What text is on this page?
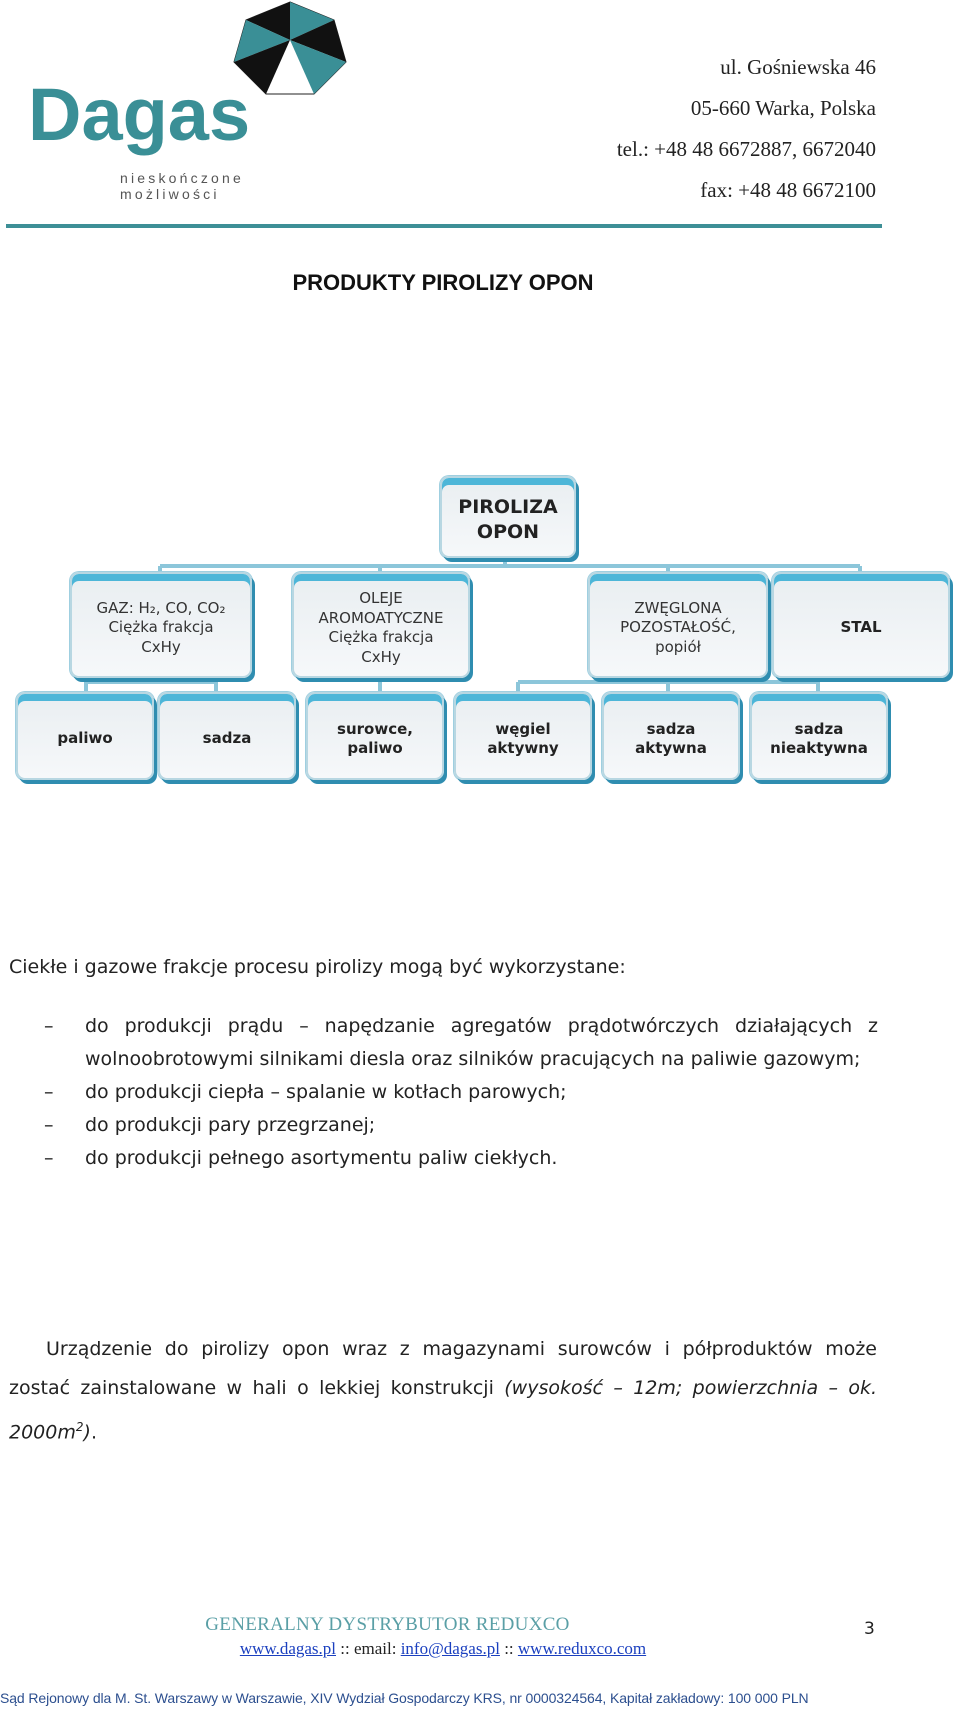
Dagas
nieskończone możliwości
ul. Gośniewska 46
05-660 Warka, Polska
tel.: +48 48 6672887, 6672040
fax: +48 48 6672100
PRODUKTY PIROLIZY OPON
PIROLIZA OPON
GAZ: H₂, CO, CO₂
Ciężka frakcja
CxHy
OLEJE
AROMOATYCZNE
Ciężka frakcja
CxHy
ZWĘGLONA
POZOSTAŁOŚĆ,
popiół
STAL
paliwo	sadza
surowce,
paliwo
węgiel
aktywny
sadza
aktywna
sadza
nieaktywna
Ciekłe i gazowe frakcje procesu pirolizy mogą być wykorzystane:
– do produkcji prądu – napędzanie agregatów prądotwórczych działających z wolnoobrotowymi silnikami diesla oraz silników pracujących na paliwie gazowym;
– do produkcji ciepła – spalanie w kotłach parowych;
– do produkcji pary przegrzanej;
– do produkcji pełnego asortymentu paliw ciekłych.
Urządzenie do pirolizy opon wraz z magazynami surowców i półproduktów może zostać zainstalowane w hali o lekkiej konstrukcji (wysokość – 12m; powierzchnia – ok. $2000m^2$).
GENERALNY DYSTRYBUTOR REDUXCO	3
www.dagas.pl :: email: info@dagas.pl :: www.reduxco.com
Sąd Rejonowy dla M. St. Warszawy w Warszawie, XIV Wydział Gospodarczy KRS, nr 0000324564, Kapitał zakładowy: 100 000 PLN
